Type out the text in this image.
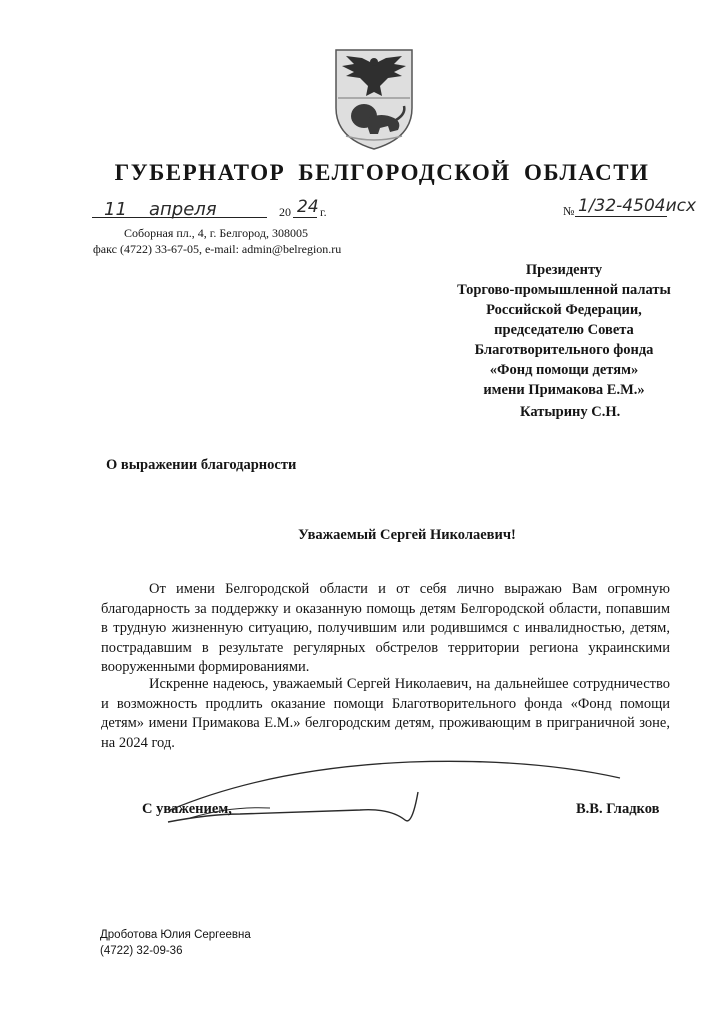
ГУБЕРНАТОР БЕЛГОРОДСКОЙ ОБЛАСТИ
11 апреля	20 24 г.	№ 1/32-4504исх
Соборная пл., 4, г. Белгород, 308005
факс (4722) 33-67-05, e-mail: admin@belregion.ru
Президенту
Торгово-промышленной палаты
Российской Федерации,
председателю Совета
Благотворительного фонда
«Фонд помощи детям»
имени Примакова Е.М.»
Катырину С.Н.
О выражении благодарности
Уважаемый Сергей Николаевич!

От имени Белгородской области и от себя лично выражаю Вам огромную благодарность за поддержку и оказанную помощь детям Белгородской области, попавшим в трудную жизненную ситуацию, получившим или родившимся с инвалидностью, детям, пострадавшим в результате регулярных обстрелов территории региона украинскими вооруженными формированиями.

Искренне надеюсь, уважаемый Сергей Николаевич, на дальнейшее сотрудничество и возможность продлить оказание помощи Благотворительного фонда «Фонд помощи детям» имени Примакова Е.М.» белгородским детям, проживающим в приграничной зоне, на 2024 год.

С уважением,	В.В. Гладков
Дроботова Юлия Сергеевна
(4722) 32-09-36
